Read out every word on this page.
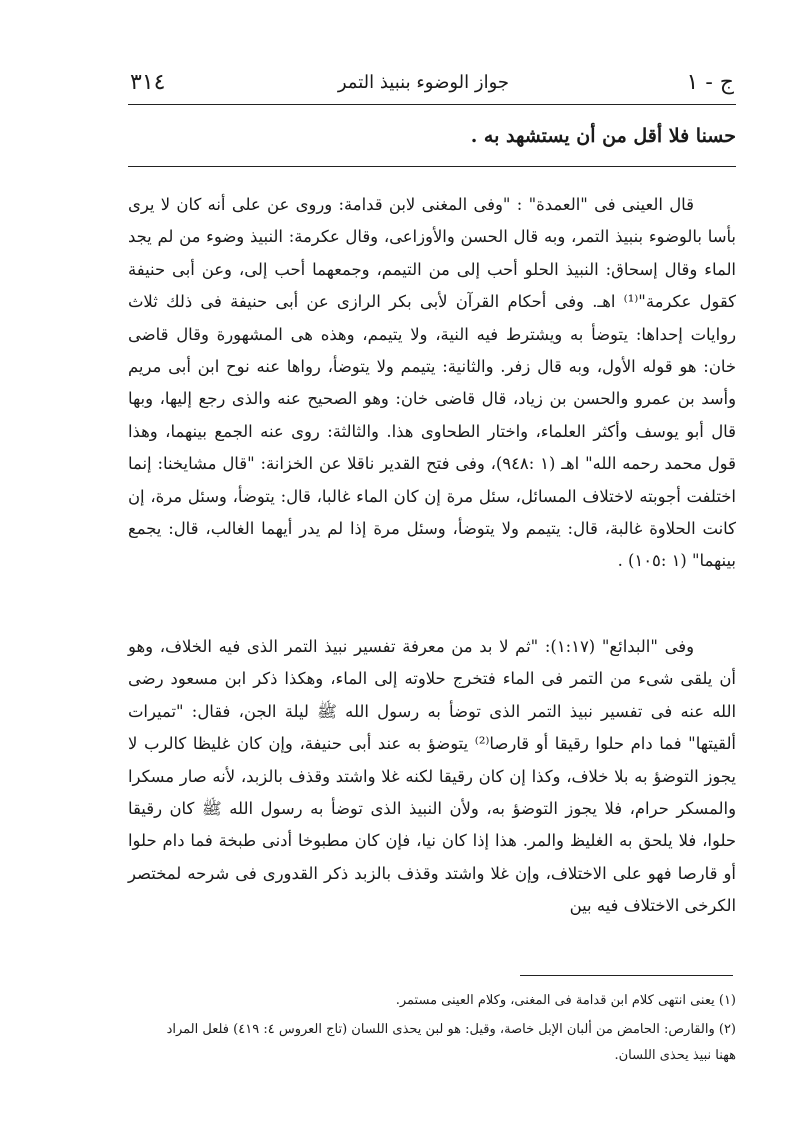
ج - ١
جواز الوضوء بنبيذ التمر
٣١٤
حسنا فلا أقل من أن يستشهد به .
قال العينى فى "العمدة" : "وفى المغنى لابن قدامة: وروى عن على أنه كان لا يرى بأسا بالوضوء بنبيذ التمر، وبه قال الحسن والأوزاعى، وقال عكرمة: النبيذ وضوء من لم يجد الماء وقال إسحاق: النبيذ الحلو أحب إلى من التيمم، وجمعهما أحب إلى، وعن أبى حنيفة كقول عكرمة"⁽¹⁾ اهـ. وفى أحكام القرآن لأبى بكر الرازى عن أبى حنيفة فى ذلك ثلاث روايات إحداها: يتوضأ به ويشترط فيه النية، ولا يتيمم، وهذه هى المشهورة وقال قاضى خان: هو قوله الأول، وبه قال زفر. والثانية: يتيمم ولا يتوضأ، رواها عنه نوح ابن أبى مريم وأسد بن عمرو والحسن بن زياد، قال قاضى خان: وهو الصحيح عنه والذى رجع إليها، وبها قال أبو يوسف وأكثر العلماء، واختار الطحاوى هذا. والثالثة: روى عنه الجمع بينهما، وهذا قول محمد رحمه الله" اهـ (١ :٩٤٨)، وفى فتح القدير ناقلا عن الخزانة: "قال مشايخنا: إنما اختلفت أجوبته لاختلاف المسائل، سئل مرة إن كان الماء غالبا، قال: يتوضأ، وسئل مرة، إن كانت الحلاوة غالبة، قال: يتيمم ولا يتوضأ، وسئل مرة إذا لم يدر أيهما الغالب، قال: يجمع بينهما" (١ :١٠٥) .
وفى "البدائع" (١:١٧): "ثم لا بد من معرفة تفسير نبيذ التمر الذى فيه الخلاف، وهو أن يلقى شىء من التمر فى الماء فتخرج حلاوته إلى الماء، وهكذا ذكر ابن مسعود رضى الله عنه فى تفسير نبيذ التمر الذى توضأ به رسول الله ﷺ ليلة الجن، فقال: "تميرات ألقيتها" فما دام حلوا رقيقا أو قارصا⁽²⁾ يتوضؤ به عند أبى حنيفة، وإن كان غليظا كالرب لا يجوز التوضؤ به بلا خلاف، وكذا إن كان رقيقا لكنه غلا واشتد وقذف بالزبد، لأنه صار مسكرا والمسكر حرام، فلا يجوز التوضؤ به، ولأن النبيذ الذى توضأ به رسول الله ﷺ كان رقيقا حلوا، فلا يلحق به الغليظ والمر. هذا إذا كان نيا، فإن كان مطبوخا أدنى طبخة فما دام حلوا أو قارصا فهو على الاختلاف، وإن غلا واشتد وقذف بالزبد ذكر القدورى فى شرحه لمختصر الكرخى الاختلاف فيه بين
(١) يعنى انتهى كلام ابن قدامة فى المغنى، وكلام العينى مستمر.
(٢) والقارص: الحامض من ألبان الإبل خاصة، وقيل: هو لبن يحذى اللسان (تاج العروس ٤: ٤١٩) فلعل المراد
ههنا نبيذ يحذى اللسان.
